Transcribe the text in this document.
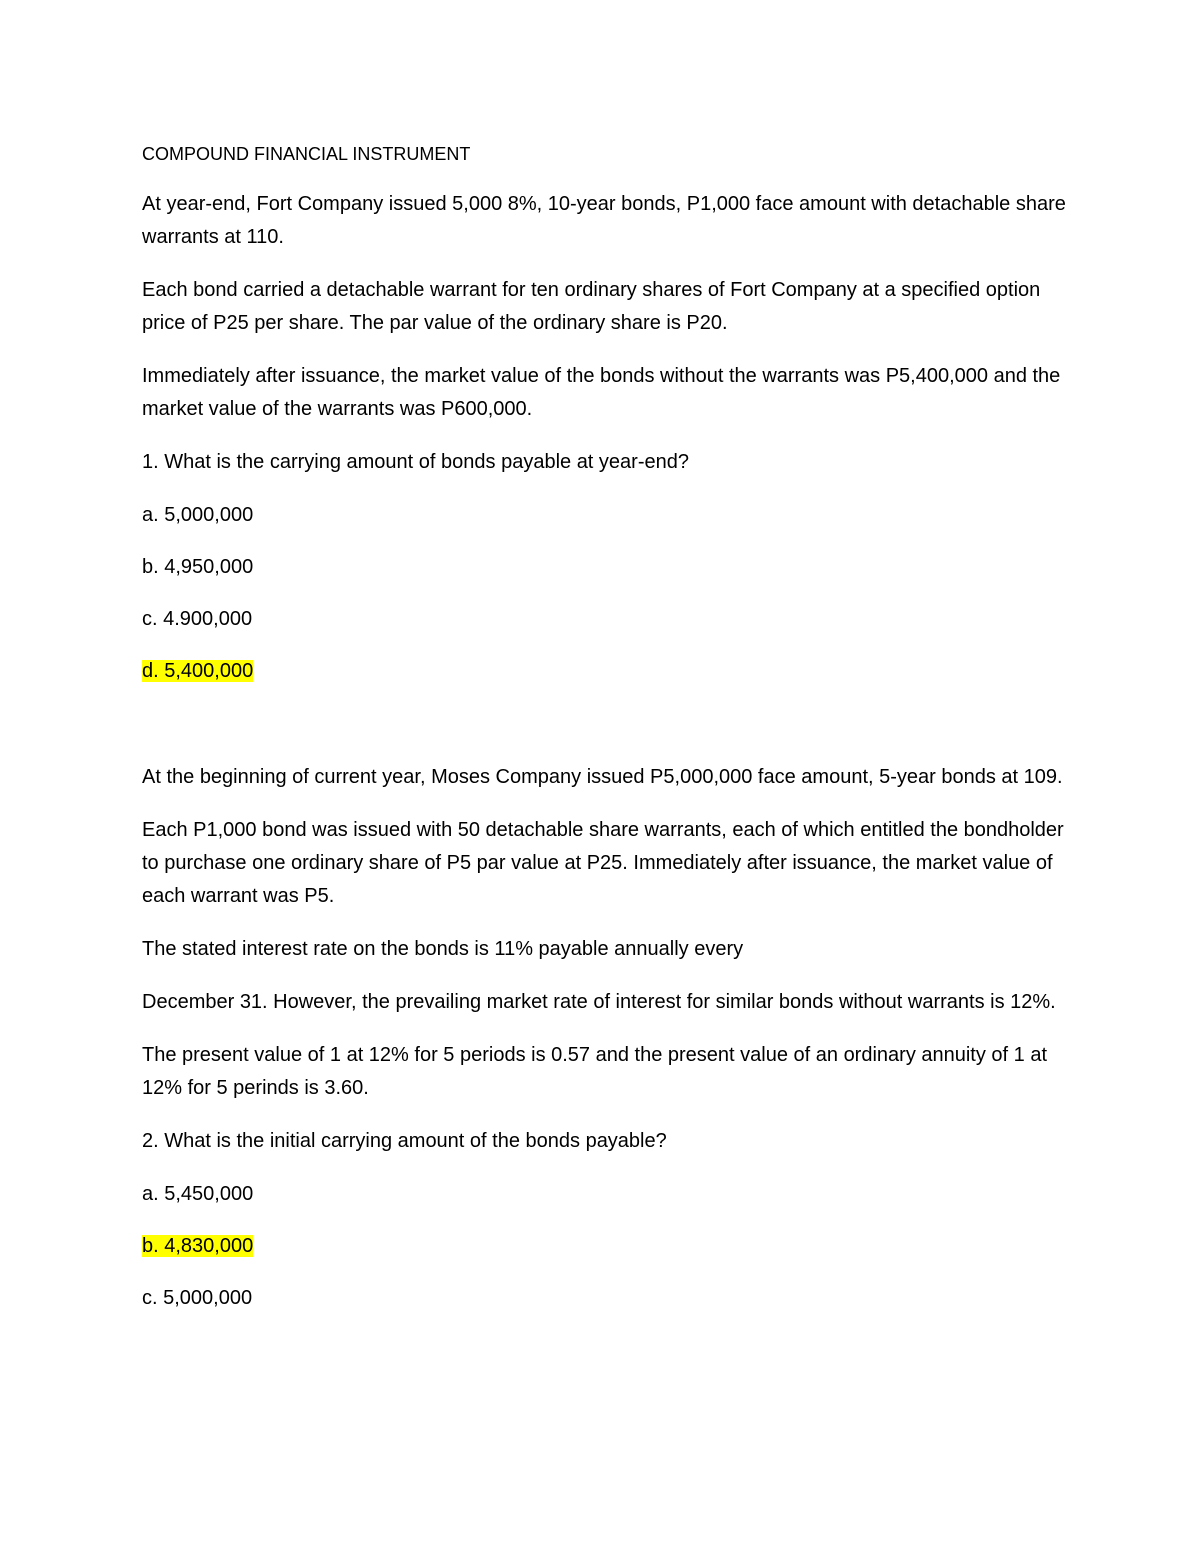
COMPOUND FINANCIAL INSTRUMENT

At year-end, Fort Company issued 5,000 8%, 10-year bonds, P1,000 face amount with detachable share warrants at 110.

Each bond carried a detachable warrant for ten ordinary shares of Fort Company at a specified option price of P25 per share. The par value of the ordinary share is P20.

Immediately after issuance, the market value of the bonds without the warrants was P5,400,000 and the market value of the warrants was P600,000.

1. What is the carrying amount of bonds payable at year-end?

a. 5,000,000
b. 4,950,000
c. 4.900,000
d. 5,400,000

At the beginning of current year, Moses Company issued P5,000,000 face amount, 5-year bonds at 109.

Each P1,000 bond was issued with 50 detachable share warrants, each of which entitled the bondholder to purchase one ordinary share of P5 par value at P25. Immediately after issuance, the market value of each warrant was P5.

The stated interest rate on the bonds is 11% payable annually every

December 31. However, the prevailing market rate of interest for similar bonds without warrants is 12%.

The present value of 1 at 12% for 5 periods is 0.57 and the present value of an ordinary annuity of 1 at 12% for 5 perinds is 3.60.

2. What is the initial carrying amount of the bonds payable?

a. 5,450,000
b. 4,830,000
c. 5,000,000
